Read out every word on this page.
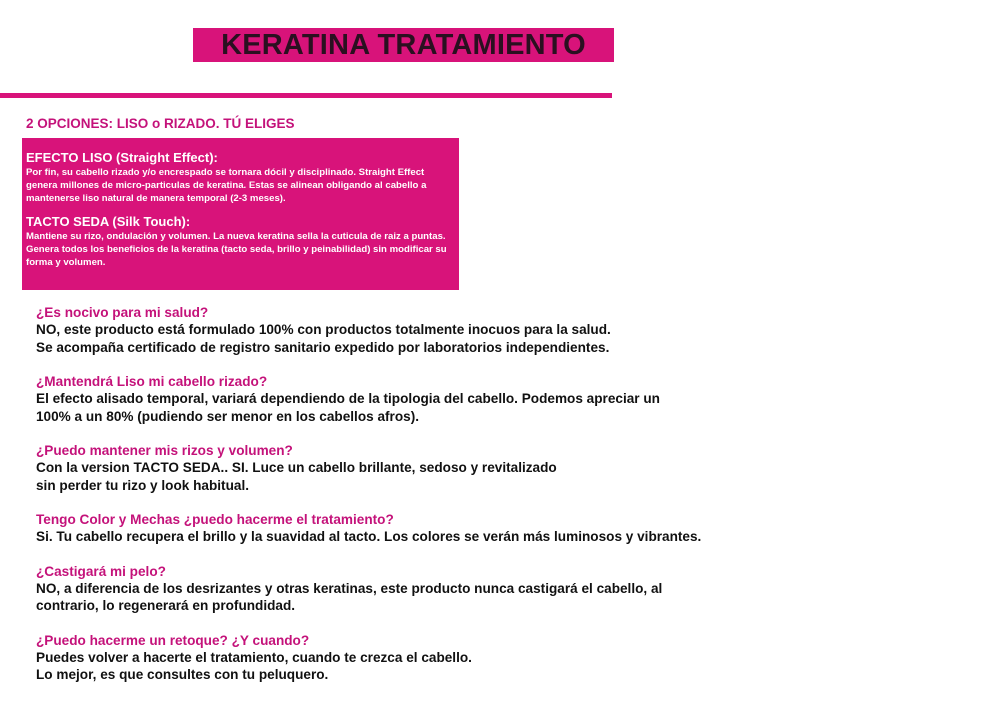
KERATINA TRATAMIENTO
2 OPCIONES: LISO o RIZADO. TÚ ELIGES
EFECTO LISO (Straight Effect):
Por fin, su cabello rizado y/o encrespado se tornara dócil y disciplinado. Straight Effect genera millones de micro-particulas de keratina. Estas se alinean obligando al cabello a mantenerse liso natural de manera temporal (2-3 meses).
TACTO SEDA (Silk Touch):
Mantiene su rizo, ondulación y volumen. La nueva keratina sella la cuticula de raiz a puntas. Genera todos los beneficios de la keratina (tacto seda, brillo y peinabilidad) sin modificar su forma y volumen.
¿Es nocivo para mi salud?
NO, este producto está formulado 100% con productos totalmente inocuos para la salud.
Se acompaña certificado de registro sanitario expedido por laboratorios independientes.
¿Mantendrá Liso mi cabello rizado?
El efecto alisado temporal, variará dependiendo de la tipologia del cabello. Podemos apreciar un
100% a un 80% (pudiendo ser menor en los cabellos afros).
¿Puedo mantener mis rizos y volumen?
Con la version TACTO SEDA.. SI. Luce un cabello brillante, sedoso y revitalizado
sin perder tu rizo y look habitual.
Tengo Color y Mechas ¿puedo hacerme el tratamiento?
Si. Tu cabello recupera el brillo y la suavidad al tacto. Los colores se verán más luminosos y vibrantes.
¿Castigará mi pelo?
NO, a diferencia de los desrizantes y otras keratinas, este producto nunca castigará el cabello, al
contrario, lo regenerará en profundidad.
¿Puedo hacerme un retoque? ¿Y cuando?
Puedes volver a hacerte el tratamiento, cuando te crezca el cabello.
Lo mejor, es que consultes con tu peluquero.
